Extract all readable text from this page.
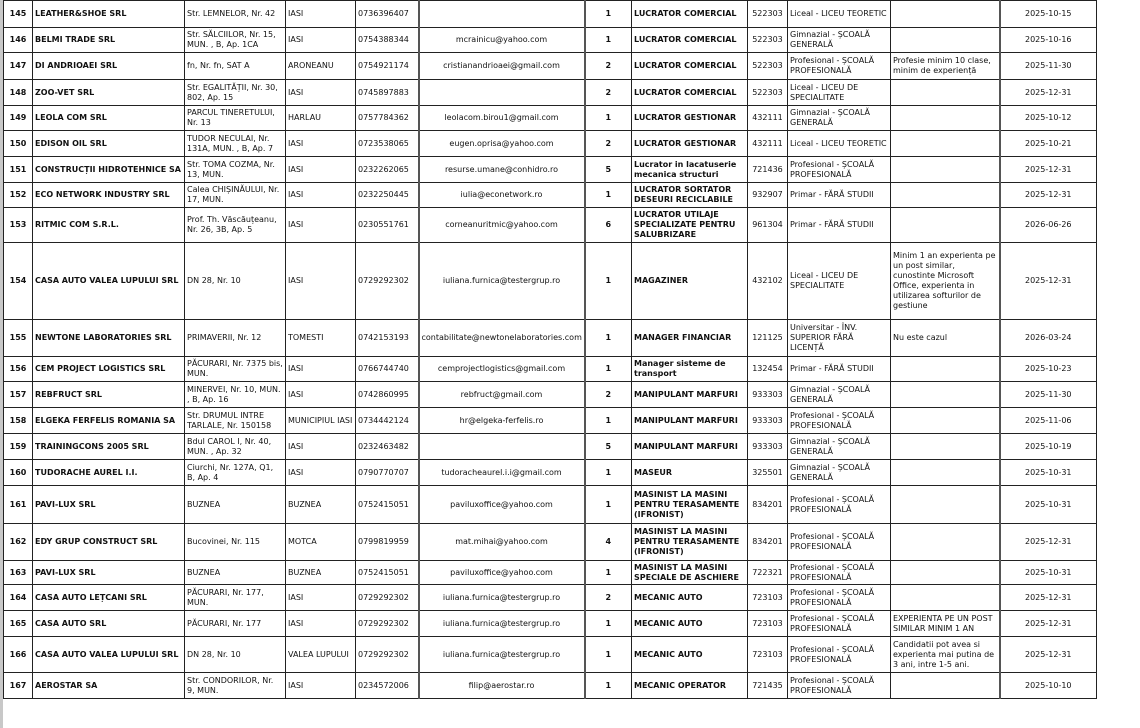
145	LEATHER&SHOE SRL	Str. LEMNELOR, Nr. 42	IASI	0736396407		1	LUCRATOR COMERCIAL	522303	Liceal - LICEU TEORETIC		2025-10-15
146	BELMI TRADE SRL	Str. SĂLCIILOR, Nr. 15, MUN. , B, Ap. 1CA	IASI	0754388344	mcrainicu@yahoo.com	1	LUCRATOR COMERCIAL	522303	Gimnazial - ȘCOALĂ GENERALĂ		2025-10-16
147	DI ANDRIOAEI SRL	fn, Nr. fn, SAT A	ARONEANU	0754921174	cristianandrioaei@gmail.com	2	LUCRATOR COMERCIAL	522303	Profesional - ȘCOALĂ PROFESIONALĂ	Profesie minim 10 clase, minim de experiență	2025-11-30
148	ZOO-VET SRL	Str. EGALITĂȚII, Nr. 30, 802, Ap. 15	IASI	0745897883		2	LUCRATOR COMERCIAL	522303	Liceal - LICEU DE SPECIALITATE		2025-12-31
149	LEOLA COM SRL	PARCUL TINERETULUI, Nr. 13	HARLAU	0757784362	leolacom.birou1@gmail.com	1	LUCRATOR GESTIONAR	432111	Gimnazial - ȘCOALĂ GENERALĂ		2025-10-12
150	EDISON OIL SRL	TUDOR NECULAI, Nr. 131A, MUN. , B, Ap. 7	IASI	0723538065	eugen.oprisa@yahoo.com	2	LUCRATOR GESTIONAR	432111	Liceal - LICEU TEORETIC		2025-10-21
151	CONSTRUCȚII HIDROTEHNICE SA	Str. TOMA COZMA, Nr. 13, MUN.	IASI	0232262065	resurse.umane@conhidro.ro	5	Lucrator in lacatuserie mecanica structuri	721436	Profesional - ȘCOALĂ PROFESIONALĂ		2025-12-31
152	ECO NETWORK INDUSTRY SRL	Calea CHIȘINĂULUI, Nr. 17, MUN.	IASI	0232250445	iulia@econetwork.ro	1	LUCRATOR SORTATOR DESEURI RECICLABILE	932907	Primar - FĂRĂ STUDII		2025-12-31
153	RITMIC COM S.R.L.	Prof. Th. Văscăuțeanu, Nr. 26, 3B, Ap. 5	IASI	0230551761	corneanuritmic@yahoo.com	6	LUCRATOR UTILAJE SPECIALIZATE PENTRU SALUBRIZARE	961304	Primar - FĂRĂ STUDII		2026-06-26
154	CASA AUTO VALEA LUPULUI SRL	DN 28, Nr. 10	IASI	0729292302	iuliana.furnica@testergrup.ro	1	MAGAZINER	432102	Liceal - LICEU DE SPECIALITATE	Minim 1 an experienta pe un post similar, cunostinte Microsoft Office, experienta in utilizarea softurilor de gestiune	2025-12-31
155	NEWTONE LABORATORIES SRL	PRIMAVERII, Nr. 12	TOMESTI	0742153193	contabilitate@newtonelaboratories.com	1	MANAGER FINANCIAR	121125	Universitar - ÎNV. SUPERIOR FĂRĂ LICENȚĂ	Nu este cazul	2026-03-24
156	CEM PROJECT LOGISTICS SRL	PĂCURARI, Nr. 7375 bis, MUN.	IASI	0766744740	cemprojectlogistics@gmail.com	1	Manager sisteme de transport	132454	Primar - FĂRĂ STUDII		2025-10-23
157	REBFRUCT SRL	MINERVEI, Nr. 10, MUN. , B, Ap. 16	IASI	0742860995	rebfruct@gmail.com	2	MANIPULANT MARFURI	933303	Gimnazial - ȘCOALĂ GENERALĂ		2025-11-30
158	ELGEKA FERFELIS ROMANIA SA	Str. DRUMUL INTRE TARLALE, Nr. 150158	MUNICIPIUL IASI	0734442124	hr@elgeka-ferfelis.ro	1	MANIPULANT MARFURI	933303	Profesional - ȘCOALĂ PROFESIONALĂ		2025-11-06
159	TRAININGCONS 2005 SRL	Bdul CAROL I, Nr. 40, MUN. , Ap. 32	IASI	0232463482		5	MANIPULANT MARFURI	933303	Gimnazial - ȘCOALĂ GENERALĂ		2025-10-19
160	TUDORACHE AUREL I.I.	Ciurchi, Nr. 127A, Q1, B, Ap. 4	IASI	0790770707	tudoracheaurel.i.i@gmail.com	1	MASEUR	325501	Gimnazial - ȘCOALĂ GENERALĂ		2025-10-31
161	PAVI-LUX SRL	BUZNEA	BUZNEA	0752415051	paviluxoffice@yahoo.com	1	MASINIST LA MASINI PENTRU TERASAMENTE (IFRONIST)	834201	Profesional - ȘCOALĂ PROFESIONALĂ		2025-10-31
162	EDY GRUP CONSTRUCT SRL	Bucovinei, Nr. 115	MOTCA	0799819959	mat.mihai@yahoo.com	4	MASINIST LA MASINI PENTRU TERASAMENTE (IFRONIST)	834201	Profesional - ȘCOALĂ PROFESIONALĂ		2025-12-31
163	PAVI-LUX SRL	BUZNEA	BUZNEA	0752415051	paviluxoffice@yahoo.com	1	MASINIST LA MASINI SPECIALE DE ASCHIERE	722321	Profesional - ȘCOALĂ PROFESIONALĂ		2025-10-31
164	CASA AUTO LEȚCANI SRL	PĂCURARI, Nr. 177, MUN.	IASI	0729292302	iuliana.furnica@testergrup.ro	2	MECANIC AUTO	723103	Profesional - ȘCOALĂ PROFESIONALĂ		2025-12-31
165	CASA AUTO SRL	PĂCURARI, Nr. 177	IASI	0729292302	iuliana.furnica@testergrup.ro	1	MECANIC AUTO	723103	Profesional - ȘCOALĂ PROFESIONALĂ	EXPERIENTA PE UN POST SIMILAR MINIM 1 AN	2025-12-31
166	CASA AUTO VALEA LUPULUI SRL	DN 28, Nr. 10	VALEA LUPULUI	0729292302	iuliana.furnica@testergrup.ro	1	MECANIC AUTO	723103	Profesional - ȘCOALĂ PROFESIONALĂ	Candidatii pot avea si experienta mai putina de 3 ani, intre 1-5 ani.	2025-12-31
167	AEROSTAR SA	Str. CONDORILOR, Nr. 9, MUN.	IASI	0234572006	filip@aerostar.ro	1	MECANIC OPERATOR	721435	Profesional - ȘCOALĂ PROFESIONALĂ		2025-10-10
